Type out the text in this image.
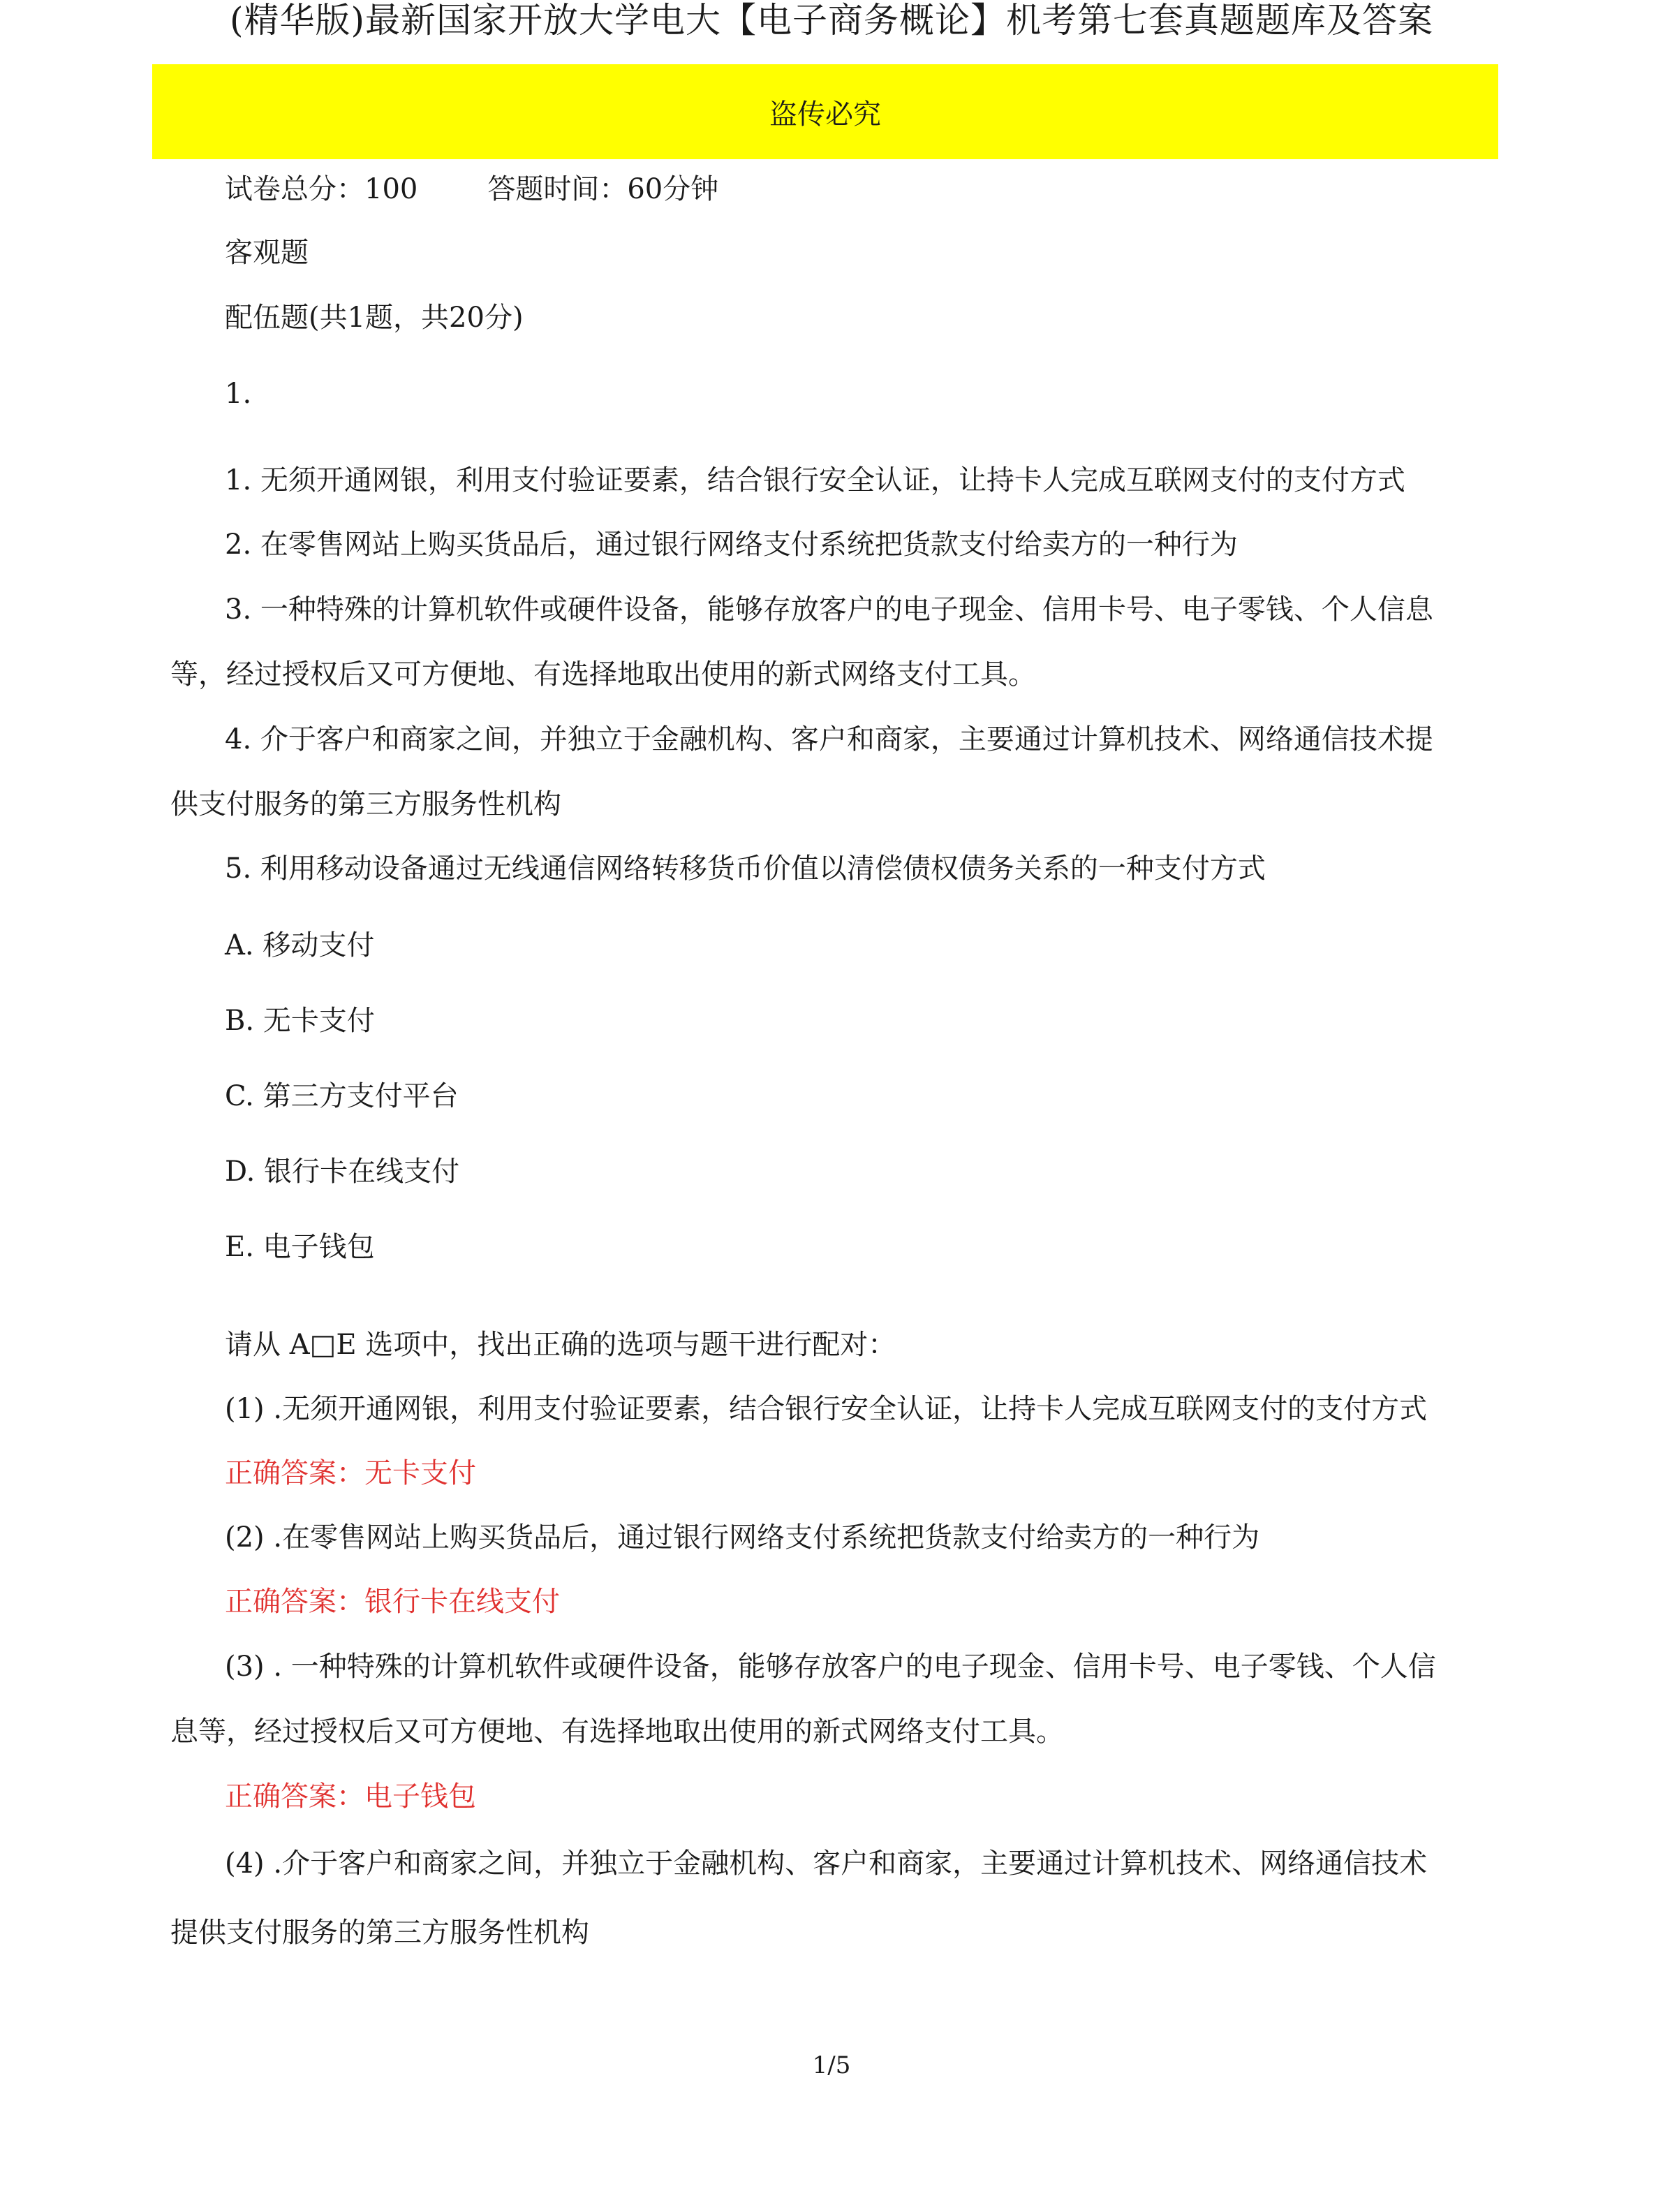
(精华版)最新国家开放大学电大【电子商务概论】机考第七套真题题库及答案
盗传必究

试卷总分：100	答题时间：60分钟

客观题

配伍题(共1题，共20分)

1.

1. 无须开通网银，利用支付验证要素，结合银行安全认证，让持卡人完成互联网支付的支付方式

2. 在零售网站上购买货品后，通过银行网络支付系统把货款支付给卖方的一种行为

3. 一种特殊的计算机软件或硬件设备，能够存放客户的电子现金、信用卡号、电子零钱、个人信息

等，经过授权后又可方便地、有选择地取出使用的新式网络支付工具。

4. 介于客户和商家之间，并独立于金融机构、客户和商家，主要通过计算机技术、网络通信技术提

供支付服务的第三方服务性机构

5. 利用移动设备通过无线通信网络转移货币价值以清偿债权债务关系的一种支付方式

A. 移动支付

B. 无卡支付

C. 第三方支付平台

D. 银行卡在线支付

E. 电子钱包

请从 A□E 选项中，找出正确的选项与题干进行配对：

(1) .无须开通网银，利用支付验证要素，结合银行安全认证，让持卡人完成互联网支付的支付方式

正确答案：无卡支付

(2) .在零售网站上购买货品后，通过银行网络支付系统把货款支付给卖方的一种行为

正确答案：银行卡在线支付

(3) . 一种特殊的计算机软件或硬件设备，能够存放客户的电子现金、信用卡号、电子零钱、个人信

息等，经过授权后又可方便地、有选择地取出使用的新式网络支付工具。

正确答案：电子钱包

(4) .介于客户和商家之间，并独立于金融机构、客户和商家，主要通过计算机技术、网络通信技术

提供支付服务的第三方服务性机构

1/5
